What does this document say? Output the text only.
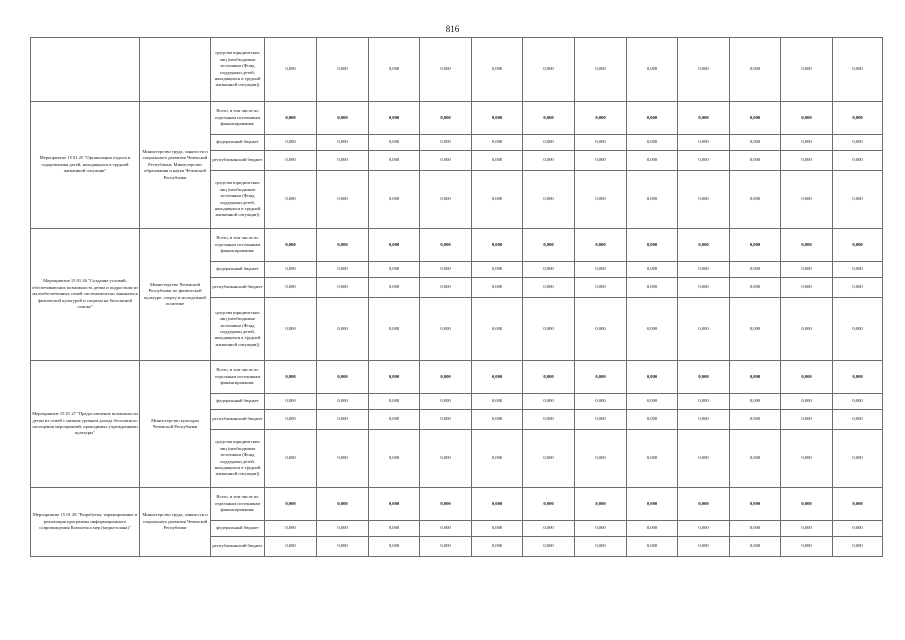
816
		средства юридических лиц (необходимые источники (Фонд поддержки детей, находящихся в трудной жизненной ситуации))	0,000	0,000	0,000	0,000	0,000	0,000	0,000	0,000	0,000	0,000	0,000	0,000
Мероприятие 15 01 25 "Организация отдыха и оздоровления детей, находящихся в трудной жизненной ситуации"	Министерство труда, занятости и социального развития Чеченской Республики, Министерство образования и науки Чеченской Республики	Всего, в том числе по отдельным источникам финансирования:	0,000	0,000	0,000	0,000	0,000	0,000	0,000	0,000	0,000	0,000	0,000	0,000
		федеральный бюджет	0,000	0,000	0,000	0,000	0,000	0,000	0,000	0,000	0,000	0,000	0,000	0,000
		республиканский бюджет	0,000	0,000	0,000	0,000	0,000	0,000	0,000	0,000	0,000	0,000	0,000	0,000
		средства юридических лиц (необходимые источники (Фонд поддержки детей, находящихся в трудной жизненной ситуации))	0,000	0,000	0,000	0,000	0,000	0,000	0,000	0,000	0,000	0,000	0,000	0,000
Мероприятие 15 01 26 "Создание условий, обеспечивающих возможность детям и подросткам из малообеспеченных семей систематически заниматься физической культурой и спортом на бесплатной основе"	Министерство Чеченской Республики по физической культуре, спорту и молодежной политике	Всего, в том числе по отдельным источникам финансирования:	0,000	0,000	0,000	0,000	0,000	0,000	0,000	0,000	0,000	0,000	0,000	0,000
		федеральный бюджет	0,000	0,000	0,000	0,000	0,000	0,000	0,000	0,000	0,000	0,000	0,000	0,000
		республиканский бюджет	0,000	0,000	0,000	0,000	0,000	0,000	0,000	0,000	0,000	0,000	0,000	0,000
		средства юридических лиц (необходимые источники (Фонд поддержки детей, находящихся в трудной жизненной ситуации))	0,000	0,000	0,000	0,000	0,000	0,000	0,000	0,000	0,000	0,000	0,000	0,000
Мероприятие 15 01 27 "Предоставление возможности детям из семей с низким уровнем дохода бесплатного посещения мероприятий, проводимых учреждениями культуры"	Министерство культуры Чеченской Республики	Всего, в том числе по отдельным источникам финансирования:	0,000	0,000	0,000	0,000	0,000	0,000	0,000	0,000	0,000	0,000	0,000	0,000
		федеральный бюджет	0,000	0,000	0,000	0,000	0,000	0,000	0,000	0,000	0,000	0,000	0,000	0,000
		республиканский бюджет	0,000	0,000	0,000	0,000	0,000	0,000	0,000	0,000	0,000	0,000	0,000	0,000
		средства юридических лиц (необходимые источники (Фонд поддержки детей, находящихся в трудной жизненной ситуации))	0,000	0,000	0,000	0,000	0,000	0,000	0,000	0,000	0,000	0,000	0,000	0,000
Мероприятие 15 01 28 "Разработка, тиражирование и реализация программы информационного сопровождения Комплекса мер (медиа-плана)"	Министерство труда, занятости и социального развития Чеченской Республики	Всего, в том числе по отдельным источникам финансирования:	0,000	0,000	0,000	0,000	0,000	0,000	0,000	0,000	0,000	0,000	0,000	0,000
		федеральный бюджет	0,000	0,000	0,000	0,000	0,000	0,000	0,000	0,000	0,000	0,000	0,000	0,000
		республиканский бюджет	0,000	0,000	0,000	0,000	0,000	0,000	0,000	0,000	0,000	0,000	0,000	0,000
